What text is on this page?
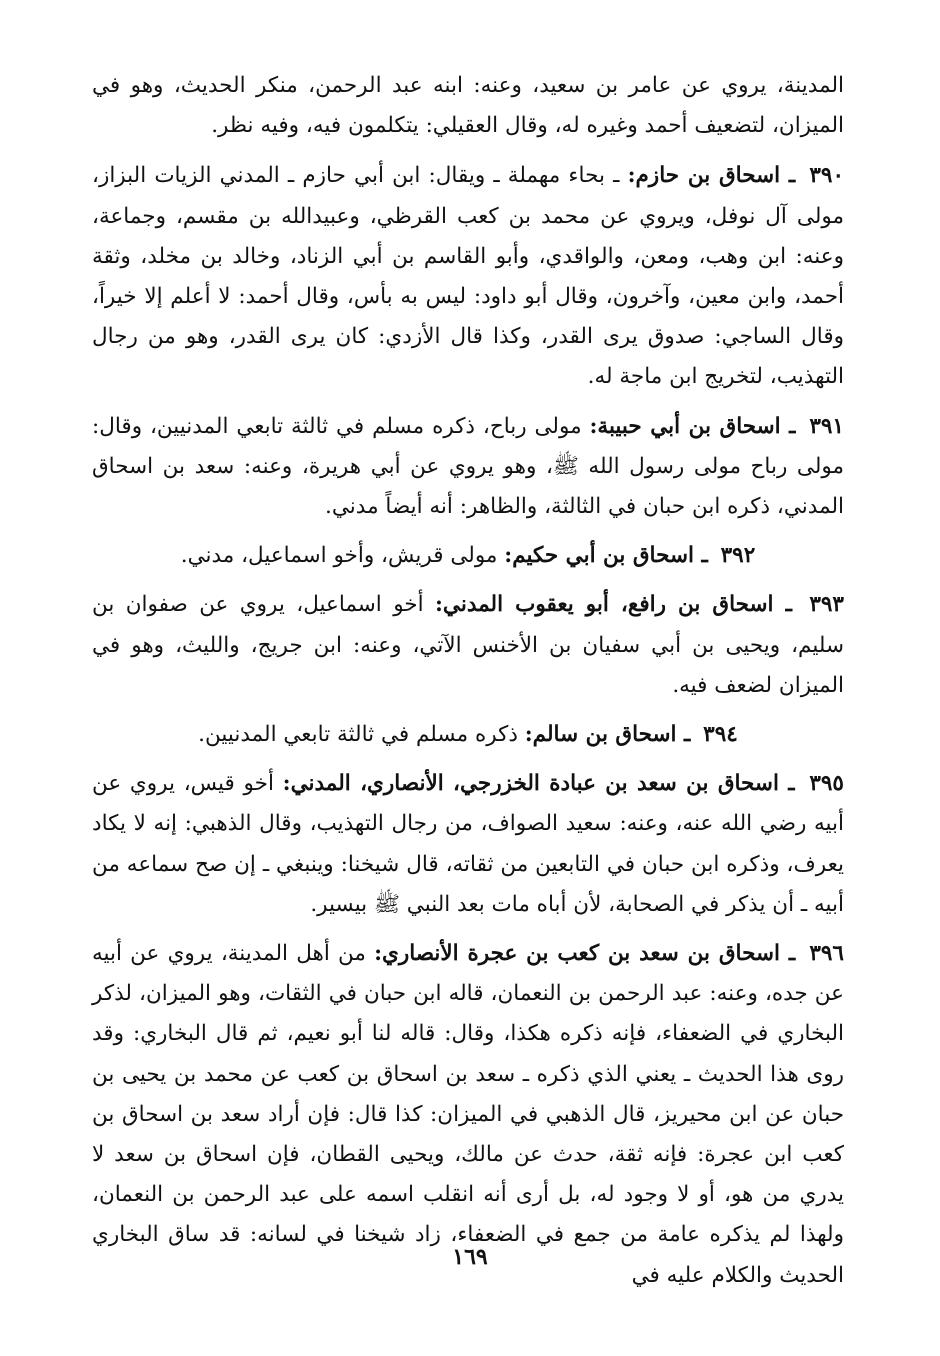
المدينة، يروي عن عامر بن سعيد، وعنه: ابنه عبد الرحمن، منكر الحديث، وهو في الميزان، لتضعيف أحمد وغيره له، وقال العقيلي: يتكلمون فيه، وفيه نظر.

٣٩٠ ـ اسحاق بن حازم: ـ بحاء مهملة ـ ويقال: ابن أبي حازم ـ المدني الزيات البزاز، مولى آل نوفل، ويروي عن محمد بن كعب القرظي، وعبيدالله بن مقسم، وجماعة، وعنه: ابن وهب، ومعن، والواقدي، وأبو القاسم بن أبي الزناد، وخالد بن مخلد، وثقة أحمد، وابن معين، وآخرون، وقال أبو داود: ليس به بأس، وقال أحمد: لا أعلم إلا خيراً، وقال الساجي: صدوق يرى القدر، وكذا قال الأزدي: كان يرى القدر، وهو من رجال التهذيب، لتخريج ابن ماجة له.

٣٩١ ـ اسحاق بن أبي حبيبة: مولى رباح، ذكره مسلم في ثالثة تابعي المدنيين، وقال: مولى رباح مولى رسول الله ﷺ، وهو يروي عن أبي هريرة، وعنه: سعد بن اسحاق المدني، ذكره ابن حبان في الثالثة، والظاهر: أنه أيضاً مدني.

٣٩٢ ـ اسحاق بن أبي حكيم: مولى قريش، وأخو اسماعيل، مدني.

٣٩٣ ـ اسحاق بن رافع، أبو يعقوب المدني: أخو اسماعيل، يروي عن صفوان بن سليم، ويحيى بن أبي سفيان بن الأخنس الآتي، وعنه: ابن جريج، والليث، وهو في الميزان لضعف فيه.

٣٩٤ ـ اسحاق بن سالم: ذكره مسلم في ثالثة تابعي المدنيين.

٣٩٥ ـ اسحاق بن سعد بن عبادة الخزرجي، الأنصاري، المدني: أخو قيس، يروي عن أبيه رضي الله عنه، وعنه: سعيد الصواف، من رجال التهذيب، وقال الذهبي: إنه لا يكاد يعرف، وذكره ابن حبان في التابعين من ثقاته، قال شيخنا: وينبغي ـ إن صح سماعه من أبيه ـ أن يذكر في الصحابة، لأن أباه مات بعد النبي ﷺ بيسير.

٣٩٦ ـ اسحاق بن سعد بن كعب بن عجرة الأنصاري: من أهل المدينة، يروي عن أبيه عن جده، وعنه: عبد الرحمن بن النعمان، قاله ابن حبان في الثقات، وهو الميزان، لذكر البخاري في الضعفاء، فإنه ذكره هكذا، وقال: قاله لنا أبو نعيم، ثم قال البخاري: وقد روى هذا الحديث ـ يعني الذي ذكره ـ سعد بن اسحاق بن كعب عن محمد بن يحيى بن حبان عن ابن محيريز، قال الذهبي في الميزان: كذا قال: فإن أراد سعد بن اسحاق بن كعب ابن عجرة: فإنه ثقة، حدث عن مالك، ويحيى القطان، فإن اسحاق بن سعد لا يدري من هو، أو لا وجود له، بل أرى أنه انقلب اسمه على عبد الرحمن بن النعمان، ولهذا لم يذكره عامة من جمع في الضعفاء، زاد شيخنا في لسانه: قد ساق البخاري الحديث والكلام عليه في

١٦٩
